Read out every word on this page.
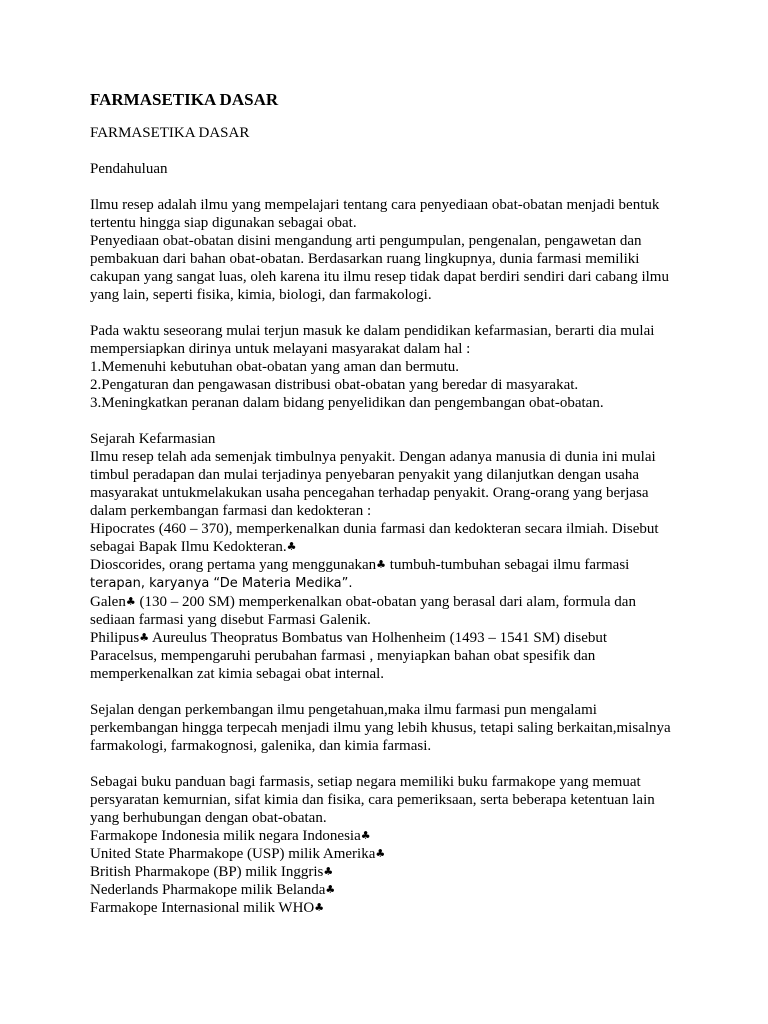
FARMASETIKA DASAR
FARMASETIKA DASAR
Pendahuluan
Ilmu resep adalah ilmu yang mempelajari tentang cara penyediaan obat-obatan menjadi bentuk
tertentu hingga siap digunakan sebagai obat.
Penyediaan obat-obatan disini mengandung arti pengumpulan, pengenalan, pengawetan dan
pembakuan dari bahan obat-obatan. Berdasarkan ruang lingkupnya, dunia farmasi memiliki
cakupan yang sangat luas, oleh karena itu ilmu resep tidak dapat berdiri sendiri dari cabang ilmu
yang lain, seperti fisika, kimia, biologi, dan farmakologi.
Pada waktu seseorang mulai terjun masuk ke dalam pendidikan kefarmasian, berarti dia mulai
mempersiapkan dirinya untuk melayani masyarakat dalam hal :
1.Memenuhi kebutuhan obat-obatan yang aman dan bermutu.
2.Pengaturan dan pengawasan distribusi obat-obatan yang beredar di masyarakat.
3.Meningkatkan peranan dalam bidang penyelidikan dan pengembangan obat-obatan.
Sejarah Kefarmasian
Ilmu resep telah ada semenjak timbulnya penyakit. Dengan adanya manusia di dunia ini mulai
timbul peradapan dan mulai terjadinya penyebaran penyakit yang dilanjutkan dengan usaha
masyarakat untukmelakukan usaha pencegahan terhadap penyakit. Orang-orang yang berjasa
dalam perkembangan farmasi dan kedokteran :
Hipocrates (460 – 370), memperkenalkan dunia farmasi dan kedokteran secara ilmiah. Disebut
sebagai Bapak Ilmu Kedokteran.♣
Dioscorides, orang pertama yang menggunakan♣ tumbuh-tumbuhan sebagai ilmu farmasi
terapan, karyanya “De Materia Medika”.
Galen♣ (130 – 200 SM) memperkenalkan obat-obatan yang berasal dari alam, formula dan
sediaan farmasi yang disebut Farmasi Galenik.
Philipus♣ Aureulus Theopratus Bombatus van Holhenheim (1493 – 1541 SM) disebut
Paracelsus, mempengaruhi perubahan farmasi , menyiapkan bahan obat spesifik dan
memperkenalkan zat kimia sebagai obat internal.
Sejalan dengan perkembangan ilmu pengetahuan,maka ilmu farmasi pun mengalami
perkembangan hingga terpecah menjadi ilmu yang lebih khusus, tetapi saling berkaitan,misalnya
farmakologi, farmakognosi, galenika, dan kimia farmasi.
Sebagai buku panduan bagi farmasis, setiap negara memiliki buku farmakope yang memuat
persyaratan kemurnian, sifat kimia dan fisika, cara pemeriksaan, serta beberapa ketentuan lain
yang berhubungan dengan obat-obatan.
Farmakope Indonesia milik negara Indonesia♣
United State Pharmakope (USP) milik Amerika♣
British Pharmakope (BP) milik Inggris♣
Nederlands Pharmakope milik Belanda♣
Farmakope Internasional milik WHO♣
